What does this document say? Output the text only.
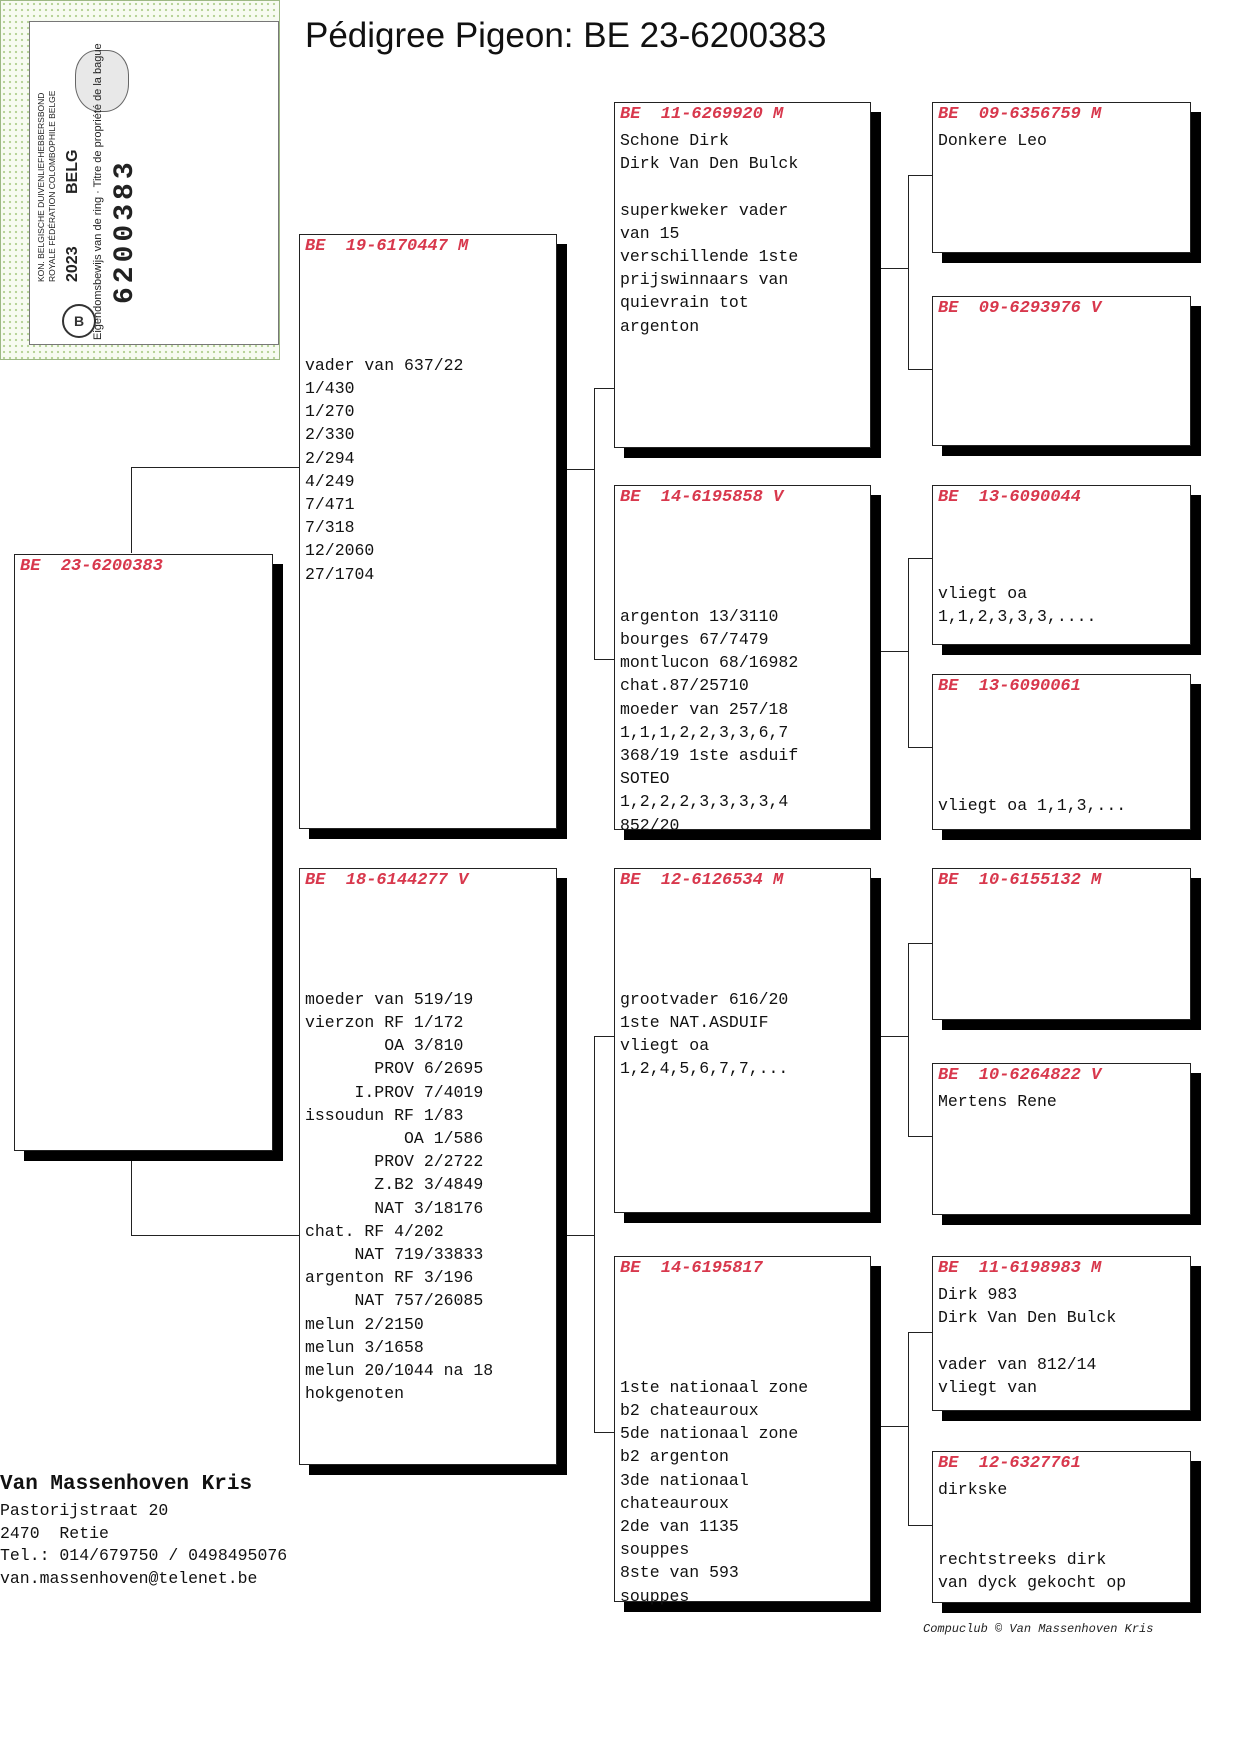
Pédigree Pigeon: BE 23-6200383
B
KON. BELGISCHE DUIVENLIEFHEBBERSBOND ROYALE FÉDÉRATION COLOMBOPHILE BELGE 2023
BELG Eigendomsbewijs van de ring · Titre de propriété de la bague 6200383
BE  23-6200383
BE  19-6170447 M

vader van 637/22
1/430
1/270
2/330
2/294
4/249
7/471
7/318
12/2060
27/1704
BE  18-6144277 V

moeder van 519/19
vierzon RF 1/172
OA 3/810
PROV 6/2695
I.PROV 7/4019
issoudun RF 1/83
OA 1/586
PROV 2/2722
Z.B2 3/4849
NAT 3/18176
chat. RF 4/202
NAT 719/33833
argenton RF 3/196
NAT 757/26085
melun 2/2150
melun 3/1658
melun 20/1044 na 18
hokgenoten
BE  11-6269920 M
Schone Dirk
Dirk Van Den Bulck

superkweker vader
van 15
verschillende 1ste
prijswinnaars van
quievrain tot
argenton
BE  14-6195858 V

argenton 13/3110
bourges 67/7479
montlucon 68/16982
chat.87/25710
moeder van 257/18
1,1,1,2,2,3,3,6,7
368/19 1ste asduif
SOTEO
1,2,2,2,3,3,3,3,4
852/20
BE  12-6126534 M

grootvader 616/20
1ste NAT.ASDUIF
vliegt oa
1,2,4,5,6,7,7,...
BE  14-6195817

1ste nationaal zone
b2 chateauroux
5de nationaal zone
b2 argenton
3de nationaal
chateauroux
2de van 1135
souppes
8ste van 593
souppes
BE  09-6356759 M
Donkere Leo
BE  09-6293976 V
BE  13-6090044

vliegt oa
1,1,2,3,3,3,....
BE  13-6090061

vliegt oa 1,1,3,...
BE  10-6155132 M
BE  10-6264822 V
Mertens Rene
BE  11-6198983 M
Dirk 983
Dirk Van Den Bulck

vader van 812/14
vliegt van
BE  12-6327761
dirkske

rechtstreeks dirk
van dyck gekocht op
Van Massenhoven Kris
Pastorijstraat 20
2470  Retie
Tel.: 014/679750 / 0498495076
van.massenhoven@telenet.be
Compuclub © Van Massenhoven Kris
